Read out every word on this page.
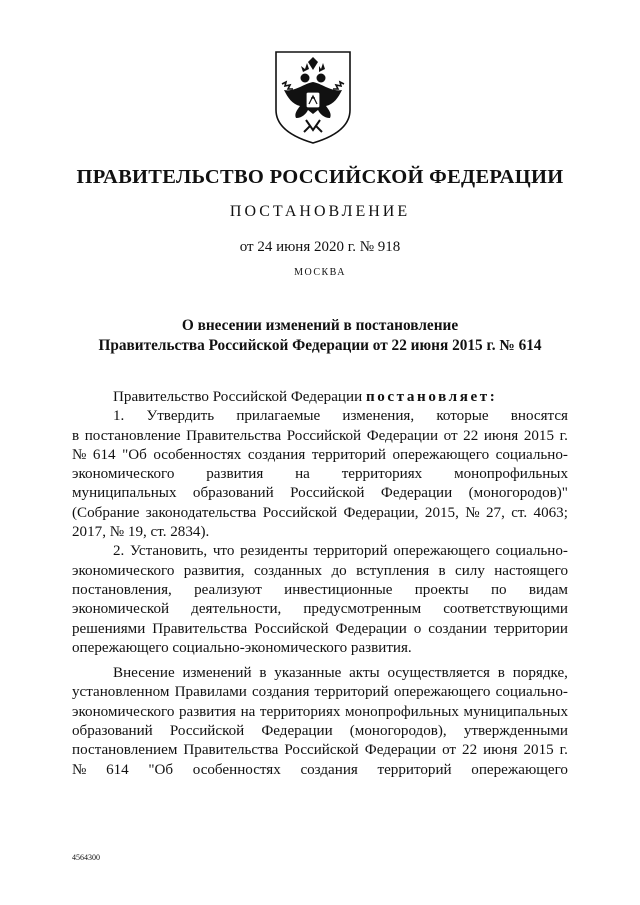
ПРАВИТЕЛЬСТВО РОССИЙСКОЙ ФЕДЕРАЦИИ
ПОСТАНОВЛЕНИЕ
от 24 июня 2020 г. № 918
МОСКВА
О внесении изменений в постановление
Правительства Российской Федерации от 22 июня 2015 г. № 614
Правительство Российской Федерации
постановляет:
1. Утвердить прилагаемые изменения, которые вносятся
в постановление Правительства Российской Федерации от 22 июня 2015 г.
№ 614 "Об особенностях создания территорий опережающего социально-
экономического развития на территориях монопрофильных
муниципальных образований Российской Федерации (моногородов)"
(Собрание законодательства Российской Федерации, 2015, № 27, ст. 4063;
2017, № 19, ст. 2834).
2. Установить, что резиденты территорий опережающего социально-
экономического развития, созданных до вступления в силу настоящего
постановления, реализуют инвестиционные проекты по видам
экономической деятельности, предусмотренным соответствующими
решениями Правительства Российской Федерации о создании территории
опережающего социально-экономического развития.
Внесение изменений в указанные акты осуществляется в порядке,
установленном Правилами создания территорий опережающего социально-
экономического развития на территориях монопрофильных муниципальных
образований Российской Федерации (моногородов), утвержденными
постановлением Правительства Российской Федерации от 22 июня 2015 г.
№ 614 "Об особенностях создания территорий опережающего
4564300
